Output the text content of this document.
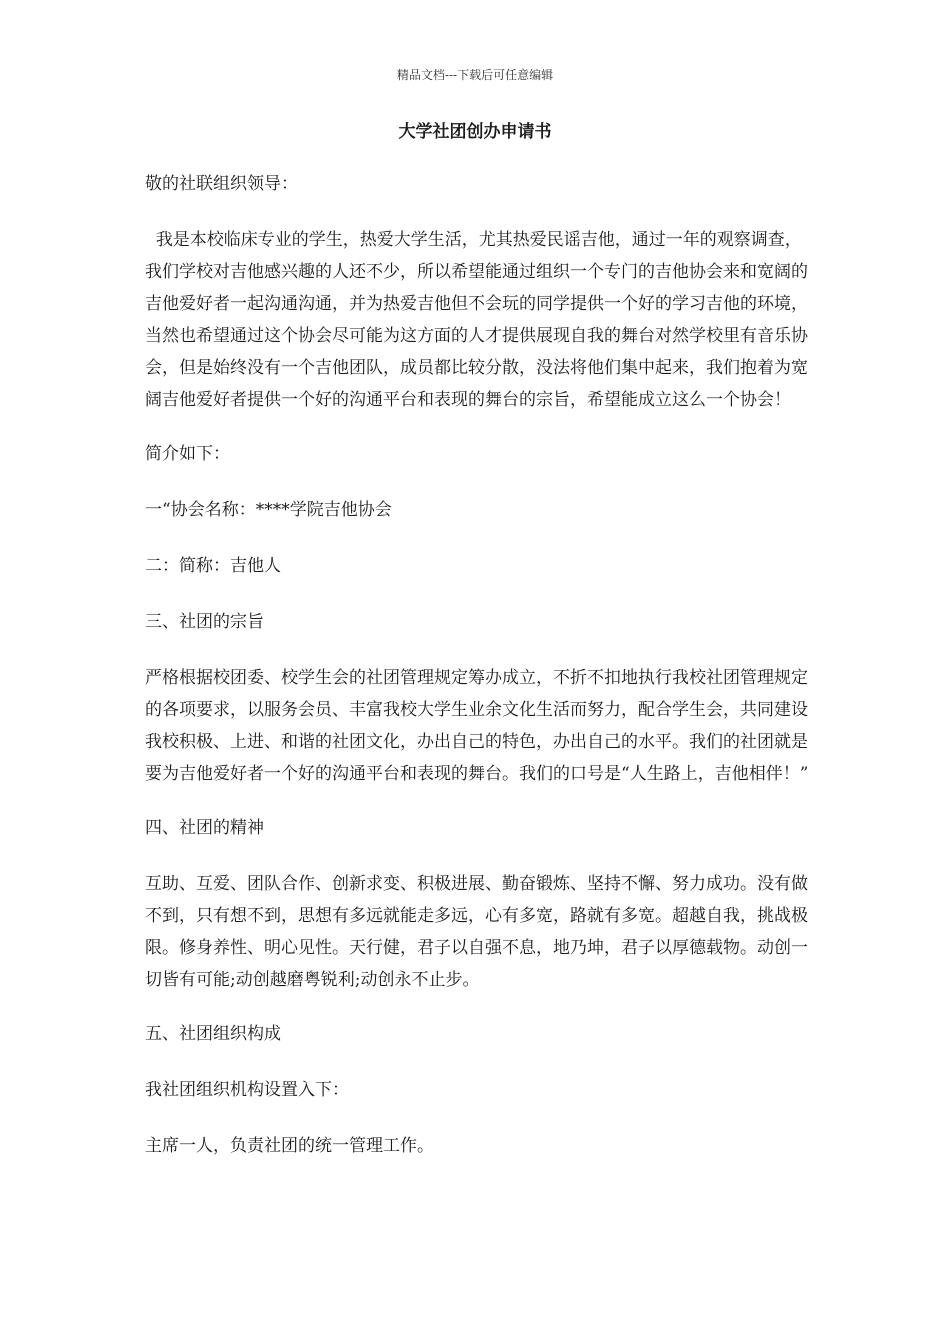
精品文档---下载后可任意编辑
大学社团创办申请书

敬的社联组织领导：

我是本校临床专业的学生，热爱大学生活，尤其热爱民谣吉他，通过一年的观察调查，我们学校对吉他感兴趣的人还不少，所以希望能通过组织一个专门的吉他协会来和宽阔的吉他爱好者一起沟通沟通，并为热爱吉他但不会玩的同学提供一个好的学习吉他的环境，当然也希望通过这个协会尽可能为这方面的人才提供展现自我的舞台对然学校里有音乐协会，但是始终没有一个吉他团队，成员都比较分散，没法将他们集中起来，我们抱着为宽阔吉他爱好者提供一个好的沟通平台和表现的舞台的宗旨，希望能成立这么一个协会！

简介如下：

一“协会名称：****学院吉他协会

二：简称：吉他人

三、社团的宗旨

严格根据校团委、校学生会的社团管理规定筹办成立，不折不扣地执行我校社团管理规定的各项要求，以服务会员、丰富我校大学生业余文化生活而努力，配合学生会，共同建设我校积极、上进、和谐的社团文化，办出自己的特色，办出自己的水平。我们的社团就是要为吉他爱好者一个好的沟通平台和表现的舞台。我们的口号是“人生路上，吉他相伴！”

四、社团的精神

互助、互爱、团队合作、创新求变、积极进展、勤奋锻炼、坚持不懈、努力成功。没有做不到，只有想不到，思想有多远就能走多远，心有多宽，路就有多宽。超越自我，挑战极限。修身养性、明心见性。天行健，君子以自强不息，地乃坤，君子以厚德载物。动创一切皆有可能;动创越磨粤锐利;动创永不止步。

五、社团组织构成

我社团组织机构设置入下：

主席一人，负责社团的统一管理工作。
